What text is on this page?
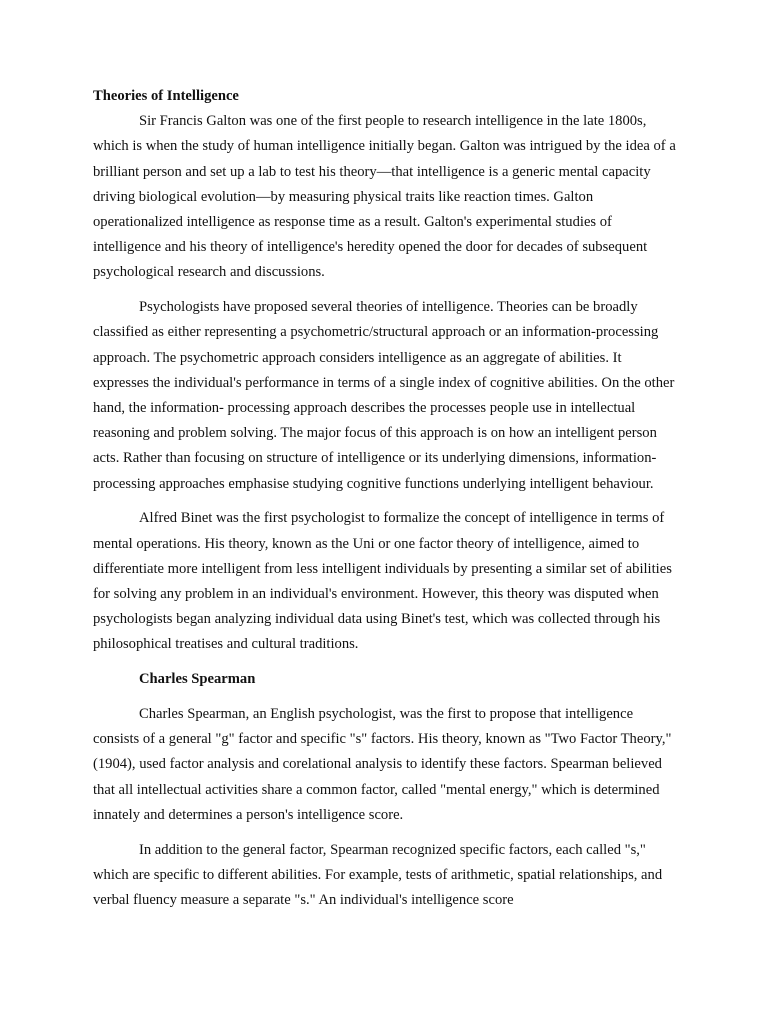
Theories of Intelligence

Sir Francis Galton was one of the first people to research intelligence in the late 1800s, which is when the study of human intelligence initially began. Galton was intrigued by the idea of a brilliant person and set up a lab to test his theory—that intelligence is a generic mental capacity driving biological evolution—by measuring physical traits like reaction times. Galton operationalized intelligence as response time as a result. Galton's experimental studies of intelligence and his theory of intelligence's heredity opened the door for decades of subsequent psychological research and discussions.

Psychologists have proposed several theories of intelligence. Theories can be broadly classified as either representing a psychometric/structural approach or an information-processing approach. The psychometric approach considers intelligence as an aggregate of abilities. It expresses the individual's performance in terms of a single index of cognitive abilities. On the other hand, the information- processing approach describes the processes people use in intellectual reasoning and problem solving. The major focus of this approach is on how an intelligent person acts. Rather than focusing on structure of intelligence or its underlying dimensions, information- processing approaches emphasise studying cognitive functions underlying intelligent behaviour.

Alfred Binet was the first psychologist to formalize the concept of intelligence in terms of mental operations. His theory, known as the Uni or one factor theory of intelligence, aimed to differentiate more intelligent from less intelligent individuals by presenting a similar set of abilities for solving any problem in an individual's environment. However, this theory was disputed when psychologists began analyzing individual data using Binet's test, which was collected through his philosophical treatises and cultural traditions.

Charles Spearman

Charles Spearman, an English psychologist, was the first to propose that intelligence consists of a general "g" factor and specific "s" factors. His theory, known as "Two Factor Theory," (1904), used factor analysis and corelational analysis to identify these factors. Spearman believed that all intellectual activities share a common factor, called "mental energy," which is determined innately and determines a person's intelligence score.

In addition to the general factor, Spearman recognized specific factors, each called "s," which are specific to different abilities. For example, tests of arithmetic, spatial relationships, and verbal fluency measure a separate "s." An individual's intelligence score
